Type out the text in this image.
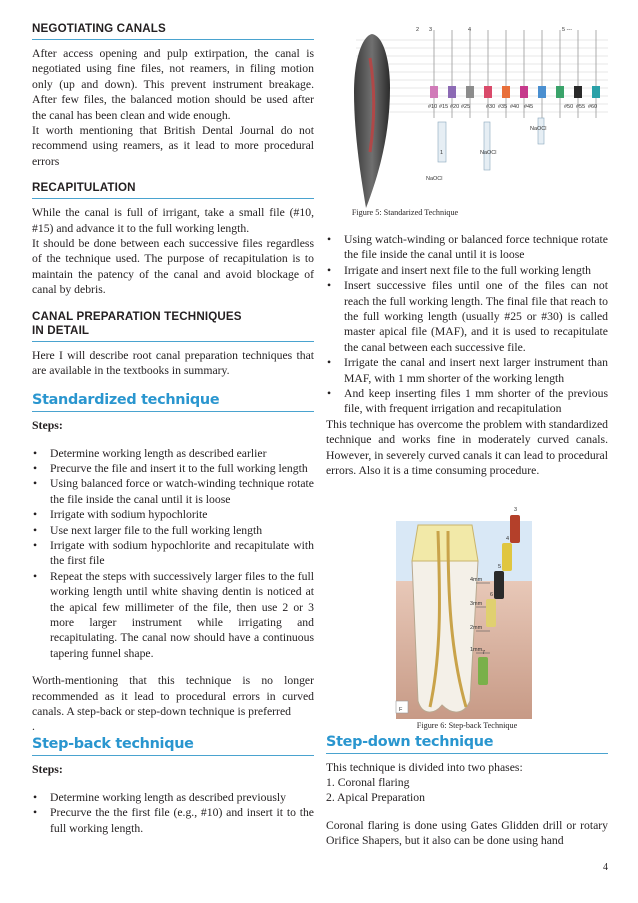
NEGOTIATING CANALS

After access opening and pulp extirpation, the canal is negotiated using fine files, not reamers, in filing motion only (up and down). This prevent instrument breakage. After few files, the balanced motion should be used after the canal has been clean and wide enough.

It worth mentioning that British Dental Journal do not recommend using reamers, as it lead to more procedural errors

RECAPITULATION

While the canal is full of irrigant, take a small file (#10, #15) and advance it to the full working length.

It should be done between each successive files regardless of the technique used. The purpose of recapitulation is to maintain the patency of the canal and avoid blockage of canal by debris.

CANAL PREPARATION TECHNIQUES
IN DETAIL

Here I will describe root canal preparation techniques that are available in the textbooks in summary.

Standardized technique
Steps:
• Determine working length as described earlier
• Precurve the file and insert it to the full working length
• Using balanced force or watch-winding technique rotate the file inside the canal until it is loose
• Irrigate with sodium hypochlorite
• Use next larger file to the full working length
• Irrigate with sodium hypochlorite and recapitulate with the first file
• Repeat the steps with successively larger files to the full working length until white shaving dentin is noticed at the apical few millimeter of the file, then use 2 or 3 more larger instrument while irrigating and recapitulating. The canal now should have a continuous tapering funnel shape.

Worth-mentioning that this technique is no longer recommended as it lead to procedural errors in curved canals. A step-back or step-down technique is preferred

.

Step-back technique
Steps:
• Determine working length as described previously
• Precurve the the first file (e.g., #10) and insert it to the full working length.
2 3	4	5 ---
#10 #15 #20 #25	#30 #35 #40 #45	#50 #55 #60
1
NaOCl
NaOCl
NaOCl
Figure 5: Standarized Technique
• Using watch-winding or balanced force technique rotate the file inside the canal until it is loose
• Irrigate and insert next file to the full working length
• Insert successive files until one of the files can not reach the full working length. The final file that reach to the full working length (usually #25 or #30) is called master apical file (MAF), and it is used to recapitulate the canal between each successive file.
• Irrigate the canal and insert next larger instrument than MAF, with 1 mm shorter of the working length
• And keep inserting files 1 mm shorter of the previous file, with frequent irrigation and recapitulation

This technique has overcome the problem with standardized technique and works fine in moderately curved canals. However, in severely curved canals it can lead to procedural errors. Also it is a time consuming procedure.

3
4
5
6
7
4mm
3mm
2mm
1mm
F
Figure 6: Step-back Technique
Step-down technique

This technique is divided into two phases:

1. Coronal flaring
2. Apical Preparation

Coronal flaring is done using Gates Glidden drill or rotary Orifice Shapers, but it also can be done using hand

4
